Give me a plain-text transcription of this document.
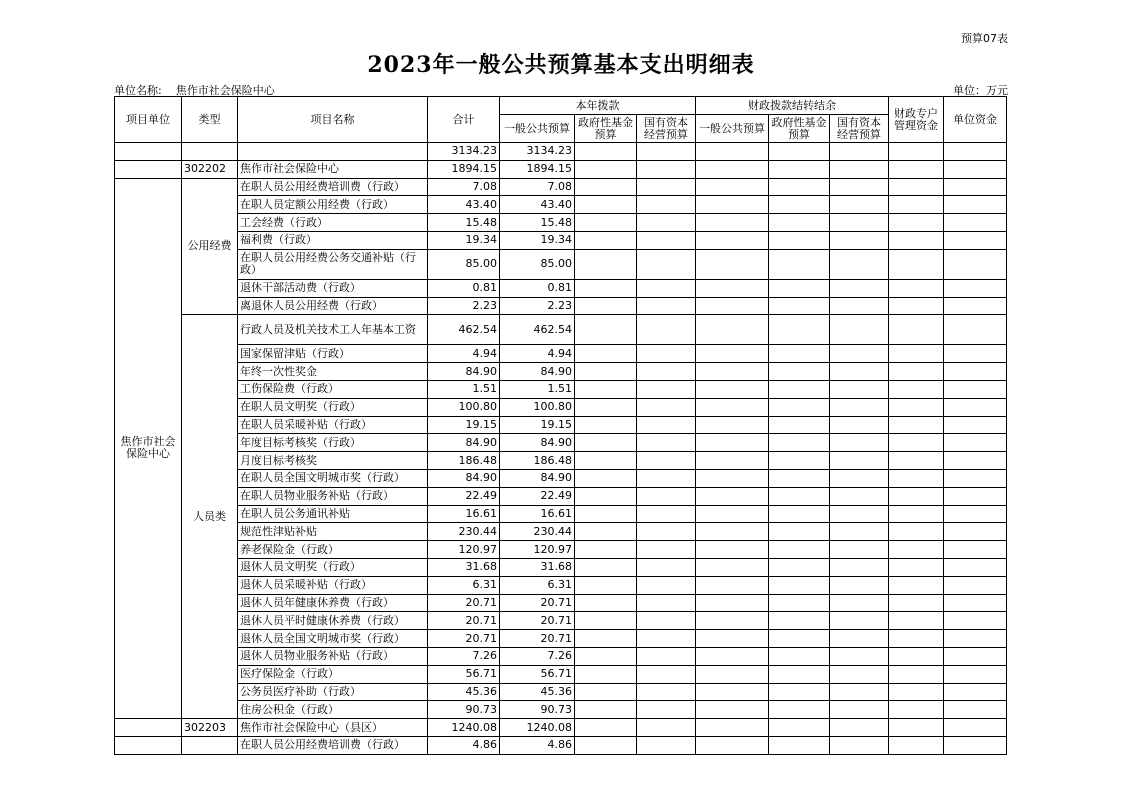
预算07表
2023年一般公共预算基本支出明细表
单位名称: 焦作市社会保险中心	单位：万元
项目单位	类型	项目名称	合计	本年拨款			财政拨款结转结余			财政专户管理资金	单位资金
				一般公共预算	政府性基金预算	国有资本经营预算	一般公共预算	政府性基金预算	国有资本经营预算		
			3134.23	3134.23							
	302202	焦作市社会保险中心	1894.15	1894.15							
焦作市社会保险中心	公用经费	在职人员公用经费培训费（行政）	7.08	7.08							
		在职人员定额公用经费（行政）	43.40	43.40							
		工会经费（行政）	15.48	15.48							
		福利费（行政）	19.34	19.34							
		在职人员公用经费公务交通补贴（行政）	85.00	85.00							
		退休干部活动费（行政）	0.81	0.81							
		离退休人员公用经费（行政）	2.23	2.23							
	人员类	行政人员及机关技术工人年基本工资	462.54	462.54							
		国家保留津贴（行政）	4.94	4.94							
		年终一次性奖金	84.90	84.90							
		工伤保险费（行政）	1.51	1.51							
		在职人员文明奖（行政）	100.80	100.80							
		在职人员采暖补贴（行政）	19.15	19.15							
		年度目标考核奖（行政）	84.90	84.90							
		月度目标考核奖	186.48	186.48							
		在职人员全国文明城市奖（行政）	84.90	84.90							
		在职人员物业服务补贴（行政）	22.49	22.49							
		在职人员公务通讯补贴	16.61	16.61							
		规范性津贴补贴	230.44	230.44							
		养老保险金（行政）	120.97	120.97							
		退休人员文明奖（行政）	31.68	31.68							
		退休人员采暖补贴（行政）	6.31	6.31							
		退休人员年健康休养费（行政）	20.71	20.71							
		退休人员平时健康休养费（行政）	20.71	20.71							
		退休人员全国文明城市奖（行政）	20.71	20.71							
		退休人员物业服务补贴（行政）	7.26	7.26							
		医疗保险金（行政）	56.71	56.71							
		公务员医疗补助（行政）	45.36	45.36							
		住房公积金（行政）	90.73	90.73							
	302203	焦作市社会保险中心（县区）	1240.08	1240.08							
		在职人员公用经费培训费（行政）	4.86	4.86							
